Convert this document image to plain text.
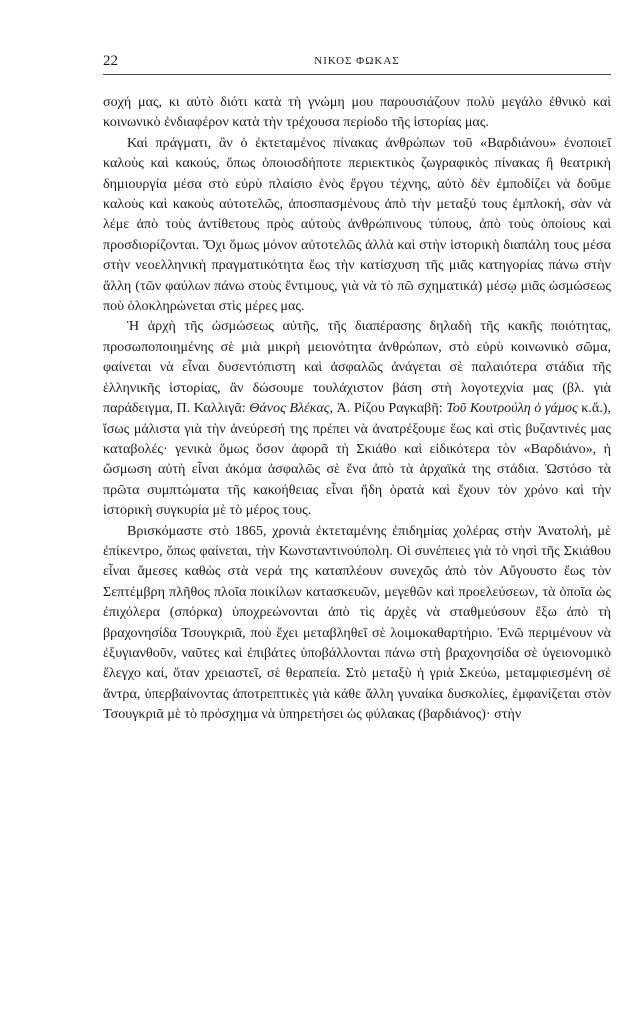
22	ΝΙΚΟΣ ΦΩΚΑΣ

σοχή μας, κι αὐτὸ διότι κατὰ τὴ γνώμη μου παρουσιάζουν πολὺ μεγάλο ἐθνικὸ καὶ κοινωνικὸ ἐνδιαφέρον κατὰ τὴν τρέχουσα περίοδο τῆς ἱστορίας μας.

Καὶ πράγματι, ἂν ὁ ἐκτεταμένος πίνακας ἀνθρώπων τοῦ «Βαρδιάνου» ἐνοποιεῖ καλοὺς καὶ κακούς, ὅπως ὁποιοσδήποτε περιεκτικὸς ζωγραφικὸς πίνακας ἢ θεατρικὴ δημιουργία μέσα στὸ εὐρὺ πλαίσιο ἑνὸς ἔργου τέχνης, αὐτὸ δὲν ἐμποδίζει νὰ δοῦμε καλοὺς καὶ κακοὺς αὐτοτελῶς, ἀποσπασμένους ἀπὸ τὴν μεταξύ τους ἐμπλοκή, σὰν νὰ λέμε ἀπὸ τοὺς ἀντίθετους πρὸς αὐτοὺς ἀνθρώπινους τύπους, ἀπὸ τοὺς ὁποίους καὶ προσδιορίζονται. Ὄχι ὅμως μόνον αὐτοτελῶς ἀλλὰ καὶ στὴν ἱστορικὴ διαπάλη τους μέσα στὴν νεοελληνικὴ πραγματικότητα ἕως τὴν κατίσχυση τῆς μιᾶς κατηγορίας πάνω στὴν ἄλλη (τῶν φαύλων πάνω στοὺς ἔντιμους, γιὰ νὰ τὸ πῶ σχηματικά) μέσῳ μιᾶς ὠσμώσεως ποὺ ὁλοκληρώνεται στὶς μέρες μας.

Ἡ ἀρχὴ τῆς ὠσμώσεως αὐτῆς, τῆς διαπέρασης δηλαδὴ τῆς κακῆς ποιότητας, προσωποποιημένης σὲ μιὰ μικρὴ μειονότητα ἀνθρώπων, στὸ εὐρὺ κοινωνικὸ σῶμα, φαίνεται νὰ εἶναι δυσεντόπιστη καὶ ἀσφαλῶς ἀνάγεται σὲ παλαιότερα στάδια τῆς ἑλληνικῆς ἱστορίας, ἂν δώσουμε τουλάχιστον βάση στὴ λογοτεχνία μας (βλ. γιὰ παράδειγμα, Π. Καλλιγᾶ: Θάνος Βλέκας, Ἀ. Ρίζου Ραγκαβῆ: Τοῦ Κουτρούλη ὁ γάμος κ.ἄ.), ἴσως μάλιστα γιὰ τὴν ἀνεύρεσή της πρέπει νὰ ἀνατρέξουμε ἕως καὶ στὶς βυζαντινές μας καταβολές· γενικὰ ὅμως ὅσον ἀφορᾶ τὴ Σκιάθο καὶ εἰδικότερα τὸν «Βαρδιάνο», ἡ ὤσμωση αὐτὴ εἶναι ἀκόμα ἀσφαλῶς σὲ ἕνα ἀπὸ τὰ ἀρχαϊκά της στάδια. Ὡστόσο τὰ πρῶτα συμπτώματα τῆς κακοήθειας εἶναι ἤδη ὁρατὰ καὶ ἔχουν τὸν χρόνο καὶ τὴν ἱστορικὴ συγκυρία μὲ τὸ μέρος τους.

Βρισκόμαστε στὸ 1865, χρονιὰ ἐκτεταμένης ἐπιδημίας χολέρας στὴν Ἀνατολή, μὲ ἐπίκεντρο, ὅπως φαίνεται, τὴν Κωνσταντινούπολη. Οἱ συνέπειες γιὰ τὸ νησὶ τῆς Σκιάθου εἶναι ἄμεσες καθὼς στὰ νερά της καταπλέουν συνεχῶς ἀπὸ τὸν Αὔγουστο ἕως τὸν Σεπτέμβρη πλῆθος πλοῖα ποικίλων κατασκευῶν, μεγεθῶν καὶ προελεύσεων, τὰ ὁποῖα ὡς ἐπιχόλερα (σπόρκα) ὑποχρεώνονται ἀπὸ τὶς ἀρχὲς νὰ σταθμεύσουν ἔξω ἀπὸ τὴ βραχονησίδα Τσουγκριᾶ, ποὺ ἔχει μεταβληθεῖ σὲ λοιμοκαθαρτήριο. Ἐνῶ περιμένουν νὰ ἐξυγιανθοῦν, ναῦτες καὶ ἐπιβάτες ὑποβάλλονται πάνω στὴ βραχονησίδα σὲ ὑγειονομικὸ ἔλεγχο καί, ὅταν χρειαστεῖ, σὲ θεραπεία. Στὸ μεταξὺ ἡ γριὰ Σκεύω, μεταμφιεσμένη σὲ ἄντρα, ὑπερβαίνοντας ἀποτρεπτικὲς γιὰ κάθε ἄλλη γυναίκα δυσκολίες, ἐμφανίζεται στὸν Τσουγκριᾶ μὲ τὸ πρόσχημα νὰ ὑπηρετήσει ὡς φύλακας (βαρδιάνος)· στὴν
